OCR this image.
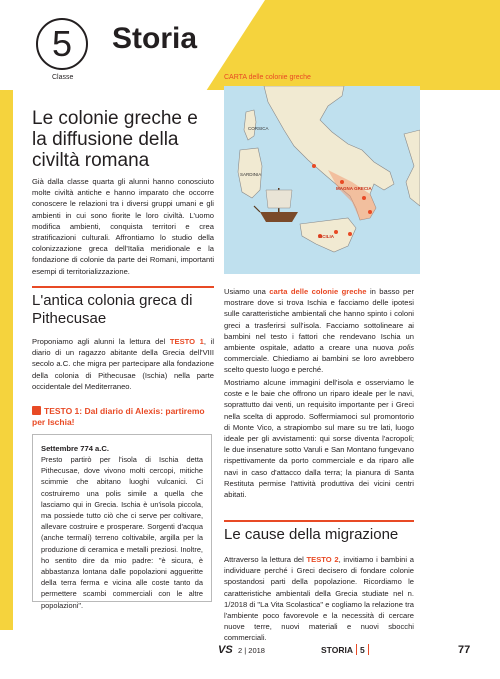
5
Classe
Storia
Le colonie greche e la diffusione della civiltà romana

Già dalla classe quarta gli alunni hanno conosciuto molte civiltà antiche e hanno imparato che occorre conoscere le relazioni tra i diversi gruppi umani e gli ambienti in cui sono fiorite le loro civiltà. L'uomo modifica ambienti, conquista territori e crea stratificazioni culturali. Affrontiamo lo studio della colonizzazione greca dell'Italia meridionale e la fondazione di colonie da parte dei Romani, importanti esempi di territorializzazione.

L'antica colonia greca di Pithecusae

Proponiamo agli alunni la lettura del TESTO 1, il diario di un ragazzo abitante della Grecia dell'VIII secolo a.C. che migra per partecipare alla fondazione della colonia di Pithecusae (Ischia) nella parte occidentale del Mediterraneo.

TESTO 1: Dal diario di Alexis: partiremo per Ischia!
Settembre 774 a.C.
Presto partirò per l'isola di Ischia detta Pithecusae, dove vivono molti cercopi, mitiche scimmie che abitano luoghi vulcanici. Ci costruiremo una polis simile a quella che lasciamo qui in Grecia. Ischia è un'isola piccola, ma possiede tutto ciò che ci serve per coltivare, allevare costruire e prosperare. Sorgenti d'acqua (anche termali) terreno coltivabile, argilla per la produzione di ceramica e metalli preziosi. Inoltre, ho sentito dire da mio padre: "è sicura, è abbastanza lontana dalle popolazioni aggueritte della terra ferma e vicina alle coste tanto da permettere scambi commerciali con le altre popolazioni".
CARTA delle colonie greche
CORSICA
SARDINIA
MAGNA GRECIA
SICILIA

Usiamo una carta delle colonie greche in basso per mostrare dove si trova Ischia e facciamo delle ipotesi sulle caratteristiche ambientali che hanno spinto i coloni greci a trasferirsi sull'isola. Facciamo sottolineare ai bambini nel testo i fattori che rendevano Ischia un ambiente ospitale, adatto a creare una nuova polis commerciale. Chiediamo ai bambini se loro avrebbero scelto questo luogo e perché.

Mostriamo alcune immagini dell'isola e osserviamo le coste e le baie che offrono un riparo ideale per le navi, soprattutto dai venti, un requisito importante per i Greci nella scelta di approdo. Soffermiamoci sul promontorio di Monte Vico, a strapiombo sul mare su tre lati, luogo ideale per gli avvistamenti: qui sorse diventa l'acropoli; le due insenature sotto Varuli e San Montano fungevano rispettivamente da porto commerciale e da riparo alle navi in caso d'attacco dalla terra; la pianura di Santa Restituta permise l'attività produttiva dei vicini centri abitati.

Le cause della migrazione

Attraverso la lettura del TESTO 2, invitiamo i bambini a individuare perché i Greci decisero di fondare colonie spostandosi parti della popolazione. Ricordiamo le caratteristiche ambientali della Grecia studiate nel n. 1/2018 di "La Vita Scolastica" e cogliamo la relazione tra l'ambiente poco favorevole e la necessità di cercare nuove terre, nuovi materiali e nuovi sbocchi commerciali.

VS 2 | 2018	STORIA 5	77
